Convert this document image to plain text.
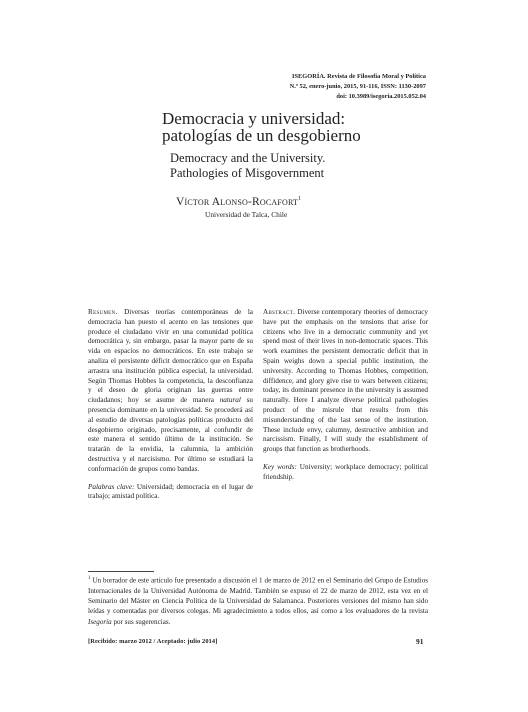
ISEGORÍA. Revista de Filosofía Moral y Política
N.º 52, enero-junio, 2015, 91-116, ISSN: 1130-2097
doi: 10.3989/isegoria.2015.052.04
Democracia y universidad:
patologías de un desgobierno
Democracy and the University.
Pathologies of Misgovernment
Víctor Alonso-Rocafort$^1$
Universidad de Talca, Chile
Resumen. Diversas teorías contemporáneas de la democracia han puesto el acento en las tensiones que produce el ciudadano vivir en una comunidad política democrática y, sin embargo, pasar la mayor parte de su vida en espacios no democráticos. En este trabajo se analiza el persistente déficit democrático que en España arrastra una institución pública especial, la universidad. Según Thomas Hobbes la competencia, la desconfianza y el deseo de gloria originan las guerras entre ciudadanos; hoy se asume de manera natural su presencia dominante en la universidad. Se procederá así al estudio de diversas patologías políticas producto del desgobierno originado, precisamente, al confundir de este manera el sentido último de la institución. Se tratarán de la envidia, la calumnia, la ambición destructiva y el narcisismo. Por último se estudiará la conformación de grupos como bandas.
Palabras clave: Universidad; democracia en el lugar de trabajo; amistad política.
Abstract. Diverse contemporary theories of democracy have put the emphasis on the tensions that arise for citizens who live in a democratic community and yet spend most of their lives in non-democratic spaces. This work examines the persistent democratic deficit that in Spain weighs down a special public institution, the university. According to Thomas Hobbes, competition, diffidence, and glory give rise to wars between citizens; today, its dominant presence in the university is assumed naturally. Here I analyze diverse political pathologies product of the misrule that results from this misunderstanding of the last sense of the institution. These include envy, calumny, destructive ambition and narcissism. Finally, I will study the establishment of groups that function as brotherhoods.
Key words: University; workplace democracy; political friendship.
$^1$ Un borrador de este artículo fue presentado a discusión el 1 de marzo de 2012 en el Seminario del Grupo de Estudios Internacionales de la Universidad Autónoma de Madrid. También se expuso el 22 de marzo de 2012, esta vez en el Seminario del Máster en Ciencia Política de la Universidad de Salamanca. Posteriores versiones del mismo han sido leídas y comentadas por diversos colegas. Mi agradecimiento a todos ellos, así como a los evaluadores de la revista Isegoría por sus sugerencias.
[Recibido: marzo 2012 / Aceptado: julio 2014]	91
